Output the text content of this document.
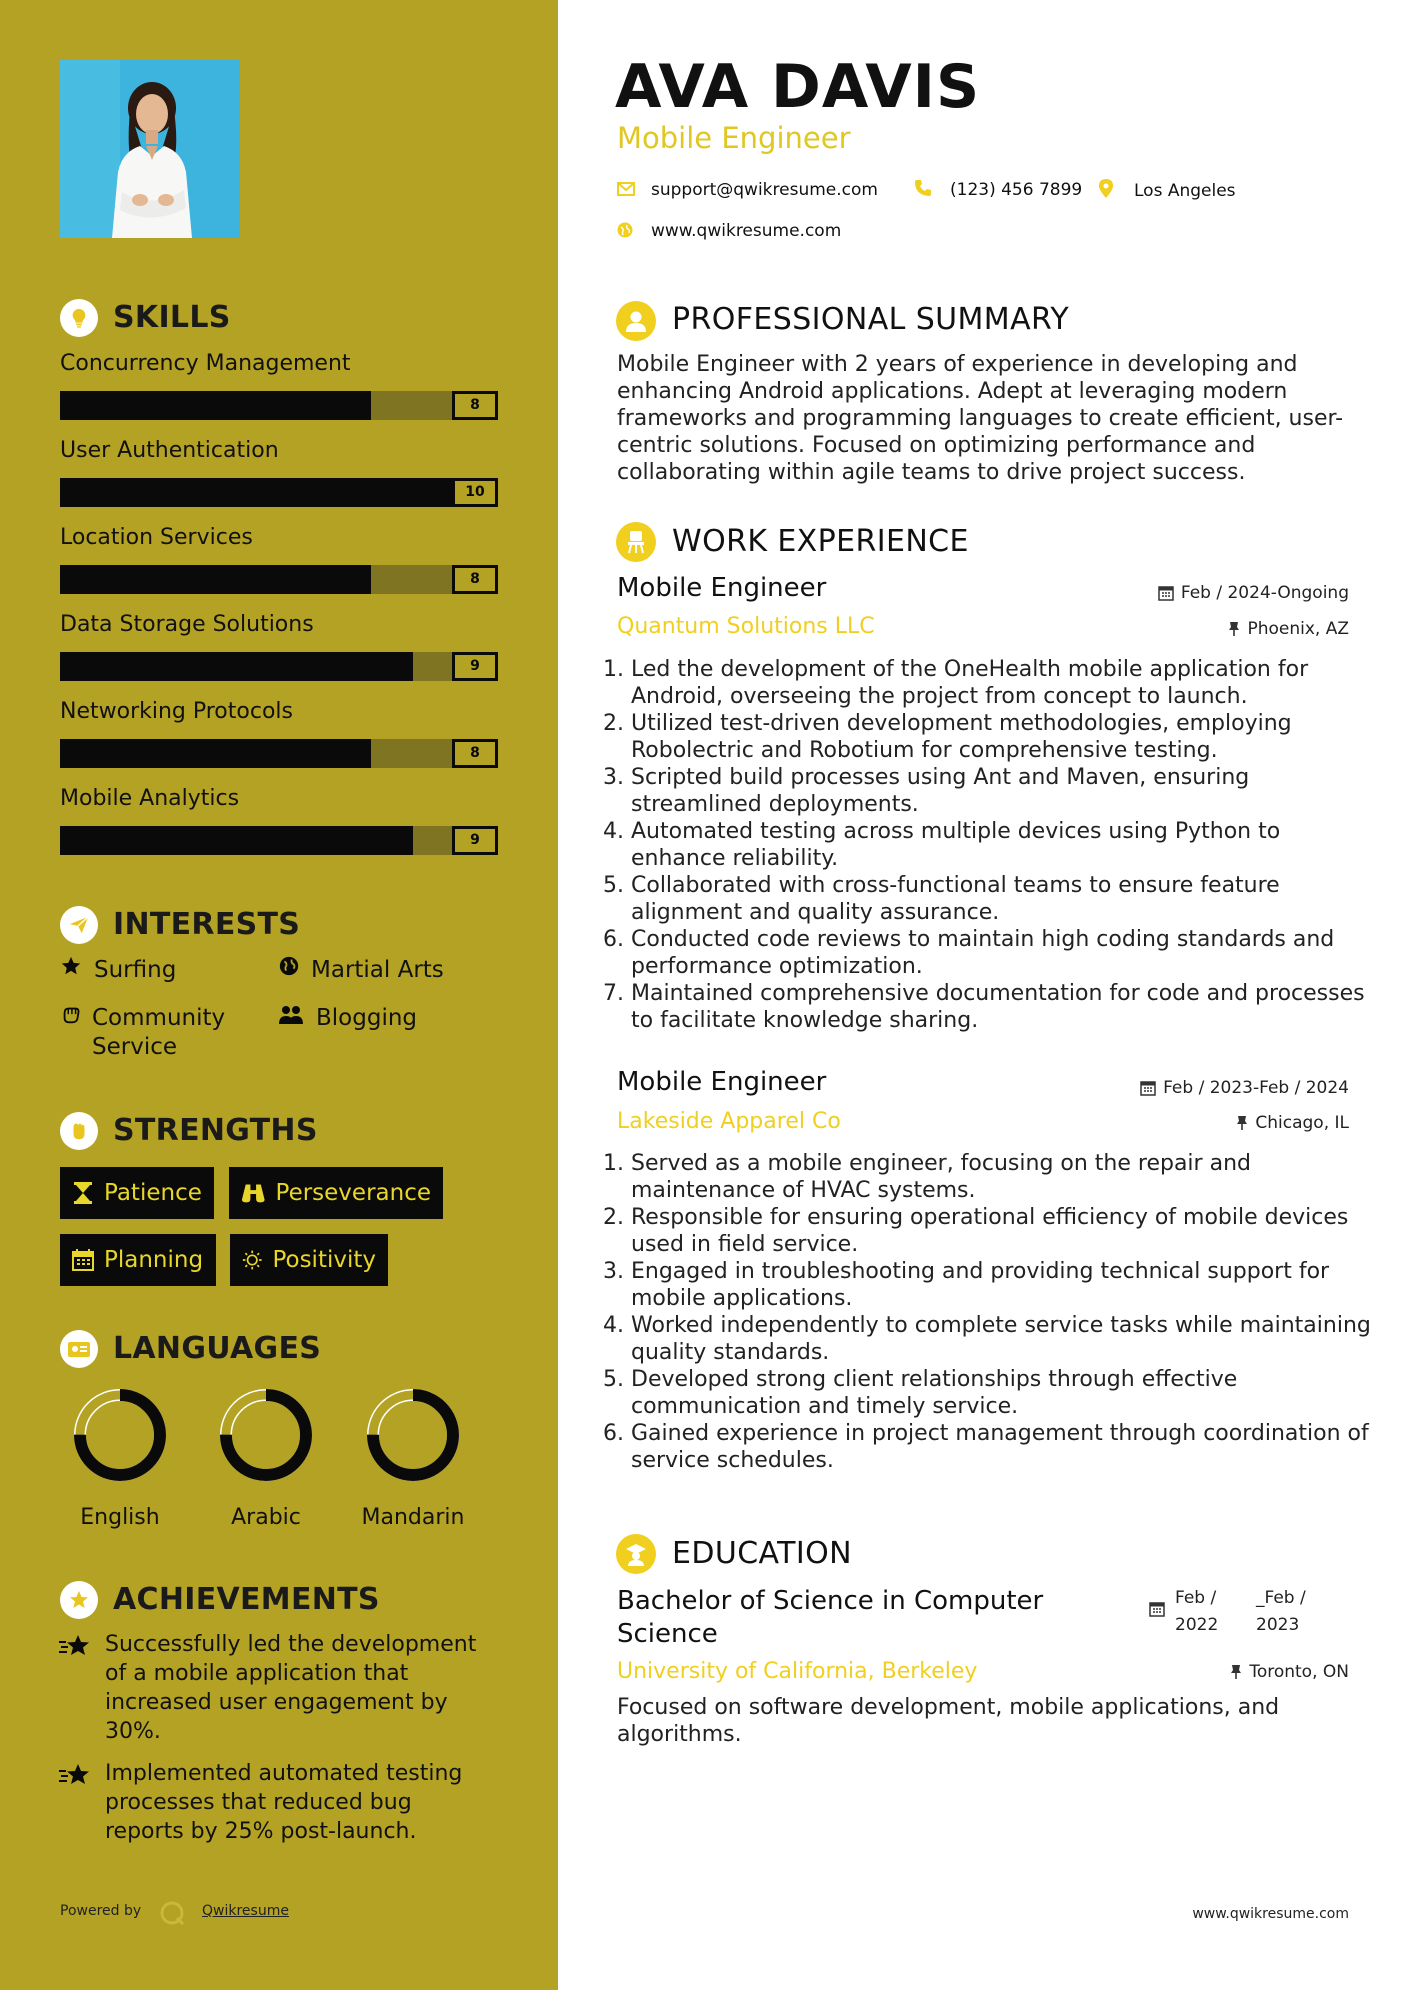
SKILLS
Concurrency Management
8
User Authentication
10
Location Services
8
Data Storage Solutions
9
Networking Protocols
8
Mobile Analytics
9
INTERESTS
Surfing	Martial Arts
Community Service
Blogging
STRENGTHS
Patience	Perseverance
Planning	Positivity
LANGUAGES
English	Arabic	Mandarin
ACHIEVEMENTS
Successfully led the development of a mobile application that increased user engagement by 30%.
Implemented automated testing processes that reduced bug reports by 25% post-launch.
Powered by	Qwikresume
AVA DAVIS
Mobile Engineer
support@qwikresume.com	(123) 456 7899	Los Angeles
www.qwikresume.com
PROFESSIONAL SUMMARY
Mobile Engineer with 2 years of experience in developing and enhancing Android applications. Adept at leveraging modern frameworks and programming languages to create efficient, user-centric solutions. Focused on optimizing performance and collaborating within agile teams to drive project success.
WORK EXPERIENCE
Mobile Engineer	Feb / 2024-Ongoing
Quantum Solutions LLC	Phoenix, AZ
1. Led the development of the OneHealth mobile application for Android, overseeing the project from concept to launch.
2. Utilized test-driven development methodologies, employing Robolectric and Robotium for comprehensive testing.
3. Scripted build processes using Ant and Maven, ensuring streamlined deployments.
4. Automated testing across multiple devices using Python to enhance reliability.
5. Collaborated with cross-functional teams to ensure feature alignment and quality assurance.
6. Conducted code reviews to maintain high coding standards and performance optimization.
7. Maintained comprehensive documentation for code and processes to facilitate knowledge sharing.
Mobile Engineer	Feb / 2023-Feb / 2024
Lakeside Apparel Co	Chicago, IL
1. Served as a mobile engineer, focusing on the repair and maintenance of HVAC systems.
2. Responsible for ensuring operational efficiency of mobile devices used in field service.
3. Engaged in troubleshooting and providing technical support for mobile applications.
4. Worked independently to complete service tasks while maintaining quality standards.
5. Developed strong client relationships through effective communication and timely service.
6. Gained experience in project management through coordination of service schedules.
EDUCATION
Bachelor of Science in Computer Science
Feb / 2022
_Feb / 2023
University of California, Berkeley	Toronto, ON
Focused on software development, mobile applications, and algorithms.
www.qwikresume.com
